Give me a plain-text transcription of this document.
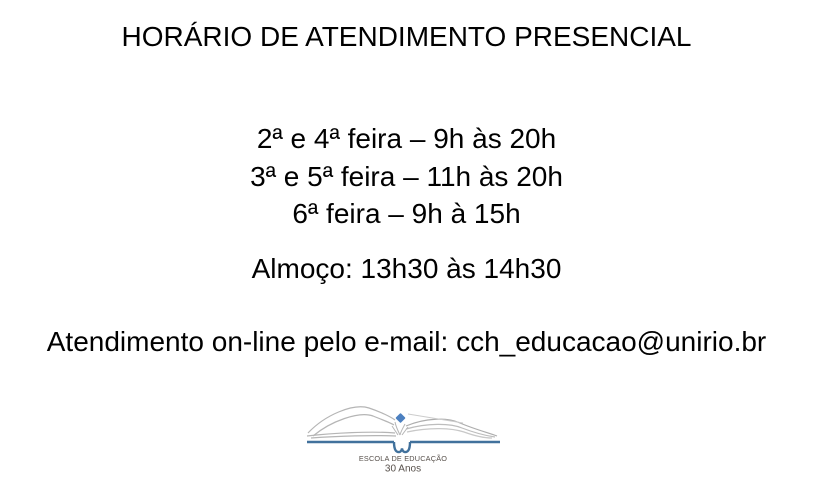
HORÁRIO DE ATENDIMENTO PRESENCIAL
2ª e 4ª feira – 9h às 20h
3ª e 5ª feira – 11h às 20h
6ª feira – 9h à 15h
Almoço: 13h30 às 14h30
Atendimento on-line pelo e-mail: cch_educacao@unirio.br
ESCOLA DE EDUCAÇÃO
30 Anos
